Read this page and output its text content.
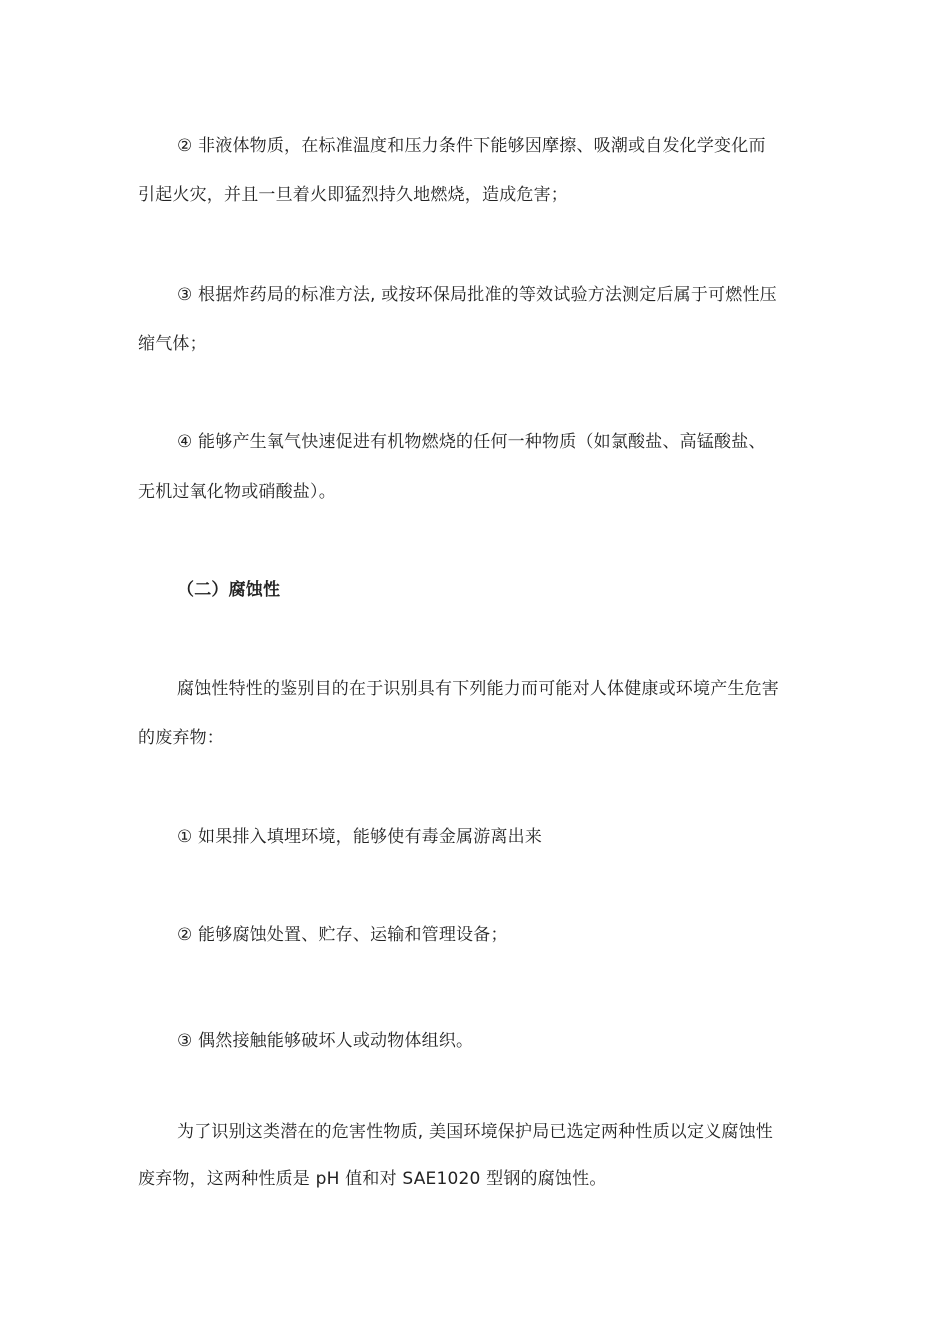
② 非液体物质，在标准温度和压力条件下能够因摩擦、吸潮或自发化学变化而
引起火灾，并且一旦着火即猛烈持久地燃烧，造成危害；
③ 根据炸药局的标准方法, 或按环保局批准的等效试验方法测定后属于可燃性压
缩气体；
④ 能够产生氧气快速促进有机物燃烧的任何一种物质（如氯酸盐、高锰酸盐、
无机过氧化物或硝酸盐）。
（二）腐蚀性
腐蚀性特性的鉴别目的在于识别具有下列能力而可能对人体健康或环境产生危害
的废弃物：
① 如果排入填埋环境，能够使有毒金属游离出来
② 能够腐蚀处置、贮存、运输和管理设备；
③ 偶然接触能够破坏人或动物体组织。
为了识别这类潜在的危害性物质, 美国环境保护局已选定两种性质以定义腐蚀性
废弃物，这两种性质是 pH 值和对 SAE1020 型钢的腐蚀性。
